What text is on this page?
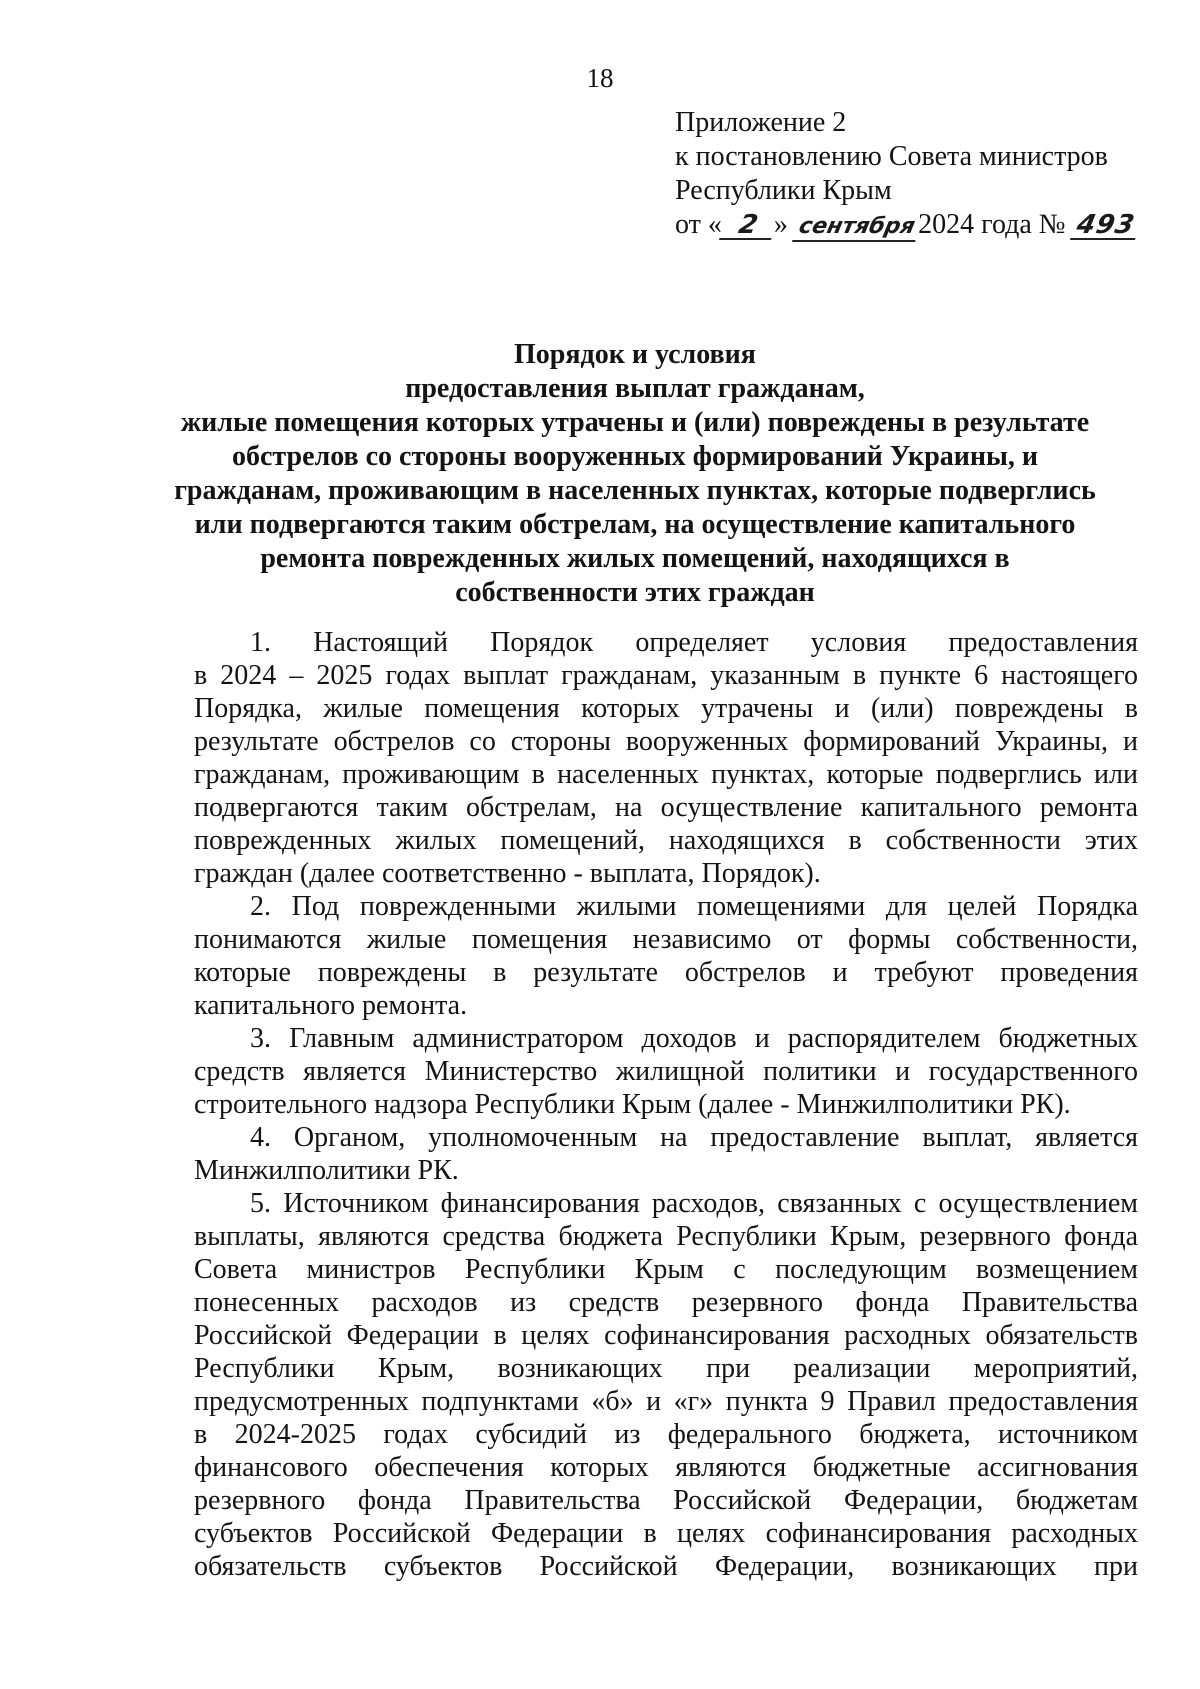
18
Приложение 2
к постановлению Совета министров
Республики Крым
от « 2 » сентября2024 года № 493
Порядок и условия
предоставления выплат гражданам,
жилые помещения которых утрачены и (или) повреждены в результате
обстрелов со стороны вооруженных формирований Украины, и
гражданам, проживающим в населенных пунктах, которые подверглись
или подвергаются таким обстрелам, на осуществление капитального
ремонта поврежденных жилых помещений, находящихся в
собственности этих граждан
1. Настоящий Порядок определяет условия предоставления
в 2024 – 2025 годах выплат гражданам, указанным в пункте 6 настоящего
Порядка, жилые помещения которых утрачены и (или) повреждены в
результате обстрелов со стороны вооруженных формирований Украины, и
гражданам, проживающим в населенных пунктах, которые подверглись или
подвергаются таким обстрелам, на осуществление капитального ремонта
поврежденных жилых помещений, находящихся в собственности этих
граждан (далее соответственно - выплата, Порядок).
2. Под поврежденными жилыми помещениями для целей Порядка
понимаются жилые помещения независимо от формы собственности,
которые повреждены в результате обстрелов и требуют проведения
капитального ремонта.
3. Главным администратором доходов и распорядителем бюджетных
средств является Министерство жилищной политики и государственного
строительного надзора Республики Крым (далее - Минжилполитики РК).
4. Органом, уполномоченным на предоставление выплат, является
Минжилполитики РК.
5. Источником финансирования расходов, связанных с осуществлением
выплаты, являются средства бюджета Республики Крым, резервного фонда
Совета министров Республики Крым с последующим возмещением
понесенных расходов из средств резервного фонда Правительства
Российской Федерации в целях софинансирования расходных обязательств
Республики Крым, возникающих при реализации мероприятий,
предусмотренных подпунктами «б» и «г» пункта 9 Правил предоставления
в 2024-2025 годах субсидий из федерального бюджета, источником
финансового обеспечения которых являются бюджетные ассигнования
резервного фонда Правительства Российской Федерации, бюджетам
субъектов Российской Федерации в целях софинансирования расходных
обязательств субъектов Российской Федерации, возникающих при
